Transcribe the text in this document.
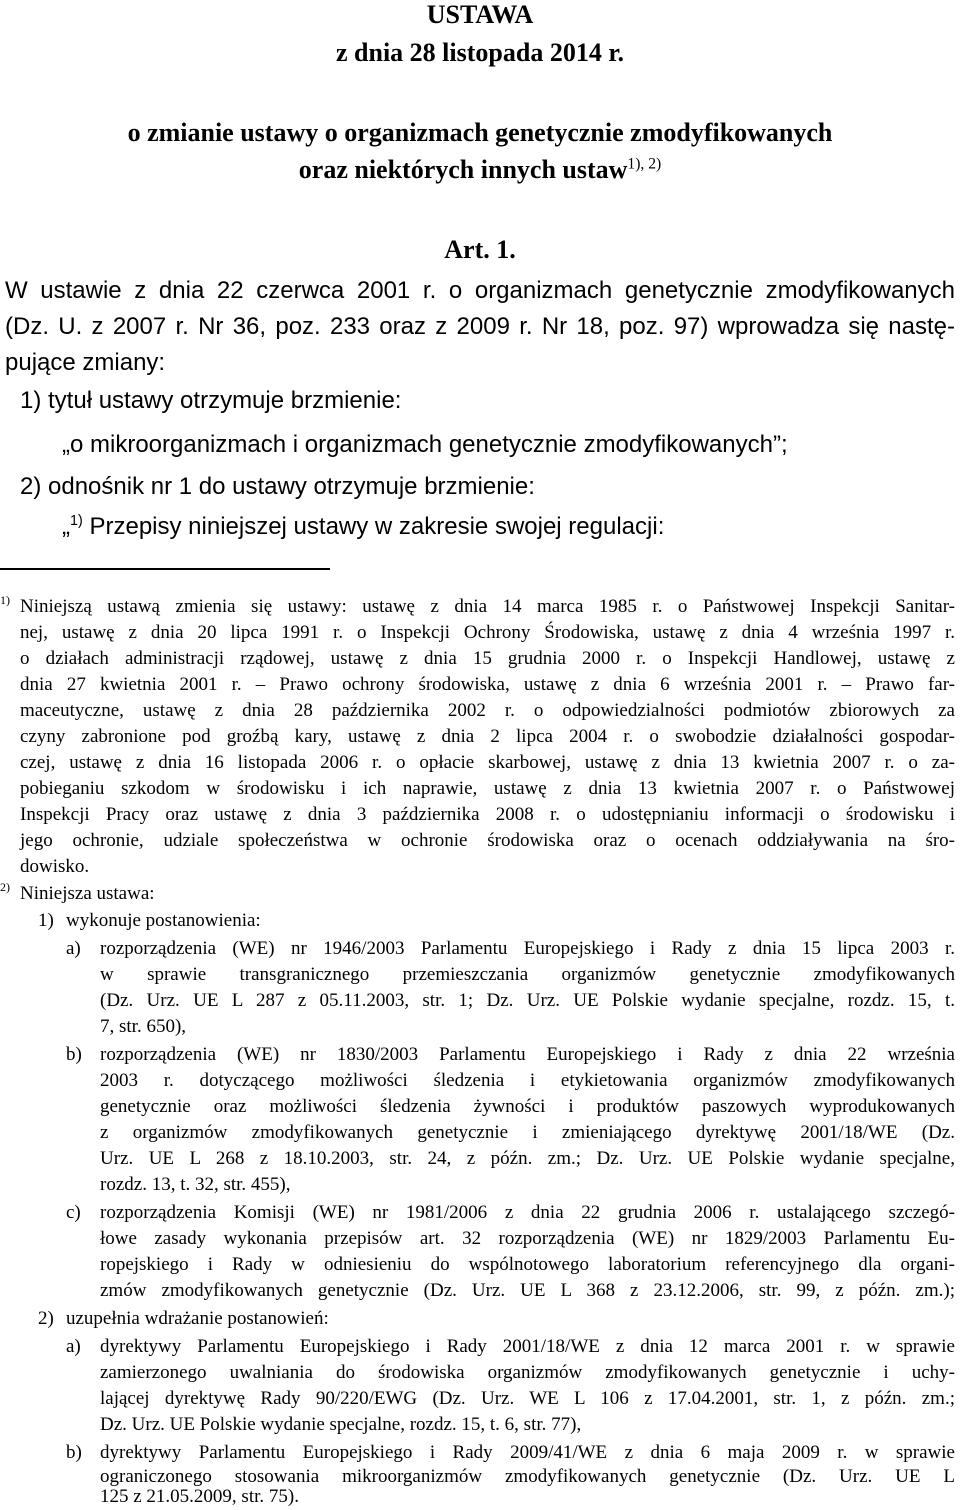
USTAWA
z dnia 28 listopada 2014 r.
o zmianie ustawy o organizmach genetycznie zmodyfikowanych
oraz niektórych innych ustaw$^{1), 2)}$
Art. 1.
W ustawie z dnia 22 czerwca 2001 r. o organizmach genetycznie zmodyfikowanych
(Dz. U. z 2007 r. Nr 36, poz. 233 oraz z 2009 r. Nr 18, poz. 97) wprowadza się nastę-
pujące zmiany:
1) tytuł ustawy otrzymuje brzmienie:
„o mikroorganizmach i organizmach genetycznie zmodyfikowanych”;
2) odnośnik nr 1 do ustawy otrzymuje brzmienie:
„$^{1)}$ Przepisy niniejszej ustawy w zakresie swojej regulacji:
1) Niniejszą ustawą zmienia się ustawy: ustawę z dnia 14 marca 1985 r. o Państwowej Inspekcji Sanitar-
nej, ustawę z dnia 20 lipca 1991 r. o Inspekcji Ochrony Środowiska, ustawę z dnia 4 września 1997 r.
o działach administracji rządowej, ustawę z dnia 15 grudnia 2000 r. o Inspekcji Handlowej, ustawę z
dnia 27 kwietnia 2001 r. – Prawo ochrony środowiska, ustawę z dnia 6 września 2001 r. – Prawo far-
maceutyczne, ustawę z dnia 28 października 2002 r. o odpowiedzialności podmiotów zbiorowych za
czyny zabronione pod groźbą kary, ustawę z dnia 2 lipca 2004 r. o swobodzie działalności gospodar-
czej, ustawę z dnia 16 listopada 2006 r. o opłacie skarbowej, ustawę z dnia 13 kwietnia 2007 r. o za-
pobieganiu szkodom w środowisku i ich naprawie, ustawę z dnia 13 kwietnia 2007 r. o Państwowej
Inspekcji Pracy oraz ustawę z dnia 3 października 2008 r. o udostępnianiu informacji o środowisku i
jego ochronie, udziale społeczeństwa w ochronie środowiska oraz o ocenach oddziaływania na śro-
dowisko.
2) Niniejsza ustawa:
1) wykonuje postanowienia:
a) rozporządzenia (WE) nr 1946/2003 Parlamentu Europejskiego i Rady z dnia 15 lipca 2003 r.
w sprawie transgranicznego przemieszczania organizmów genetycznie zmodyfikowanych
(Dz. Urz. UE L 287 z 05.11.2003, str. 1; Dz. Urz. UE Polskie wydanie specjalne, rozdz. 15, t.
7, str. 650),
b) rozporządzenia (WE) nr 1830/2003 Parlamentu Europejskiego i Rady z dnia 22 września
2003 r. dotyczącego możliwości śledzenia i etykietowania organizmów zmodyfikowanych
genetycznie oraz możliwości śledzenia żywności i produktów paszowych wyprodukowanych
z organizmów zmodyfikowanych genetycznie i zmieniającego dyrektywę 2001/18/WE (Dz.
Urz. UE L 268 z 18.10.2003, str. 24, z późn. zm.; Dz. Urz. UE Polskie wydanie specjalne,
rozdz. 13, t. 32, str. 455),
c) rozporządzenia Komisji (WE) nr 1981/2006 z dnia 22 grudnia 2006 r. ustalającego szczegó-
łowe zasady wykonania przepisów art. 32 rozporządzenia (WE) nr 1829/2003 Parlamentu Eu-
ropejskiego i Rady w odniesieniu do wspólnotowego laboratorium referencyjnego dla organi-
zmów zmodyfikowanych genetycznie (Dz. Urz. UE L 368 z 23.12.2006, str. 99, z późn. zm.);
2) uzupełnia wdrażanie postanowień:
a) dyrektywy Parlamentu Europejskiego i Rady 2001/18/WE z dnia 12 marca 2001 r. w sprawie
zamierzonego uwalniania do środowiska organizmów zmodyfikowanych genetycznie i uchy-
lającej dyrektywę Rady 90/220/EWG (Dz. Urz. WE L 106 z 17.04.2001, str. 1, z późn. zm.;
Dz. Urz. UE Polskie wydanie specjalne, rozdz. 15, t. 6, str. 77),
b) dyrektywy Parlamentu Europejskiego i Rady 2009/41/WE z dnia 6 maja 2009 r. w sprawie
ograniczonego stosowania mikroorganizmów zmodyfikowanych genetycznie (Dz. Urz. UE L
125 z 21.05.2009, str. 75).
